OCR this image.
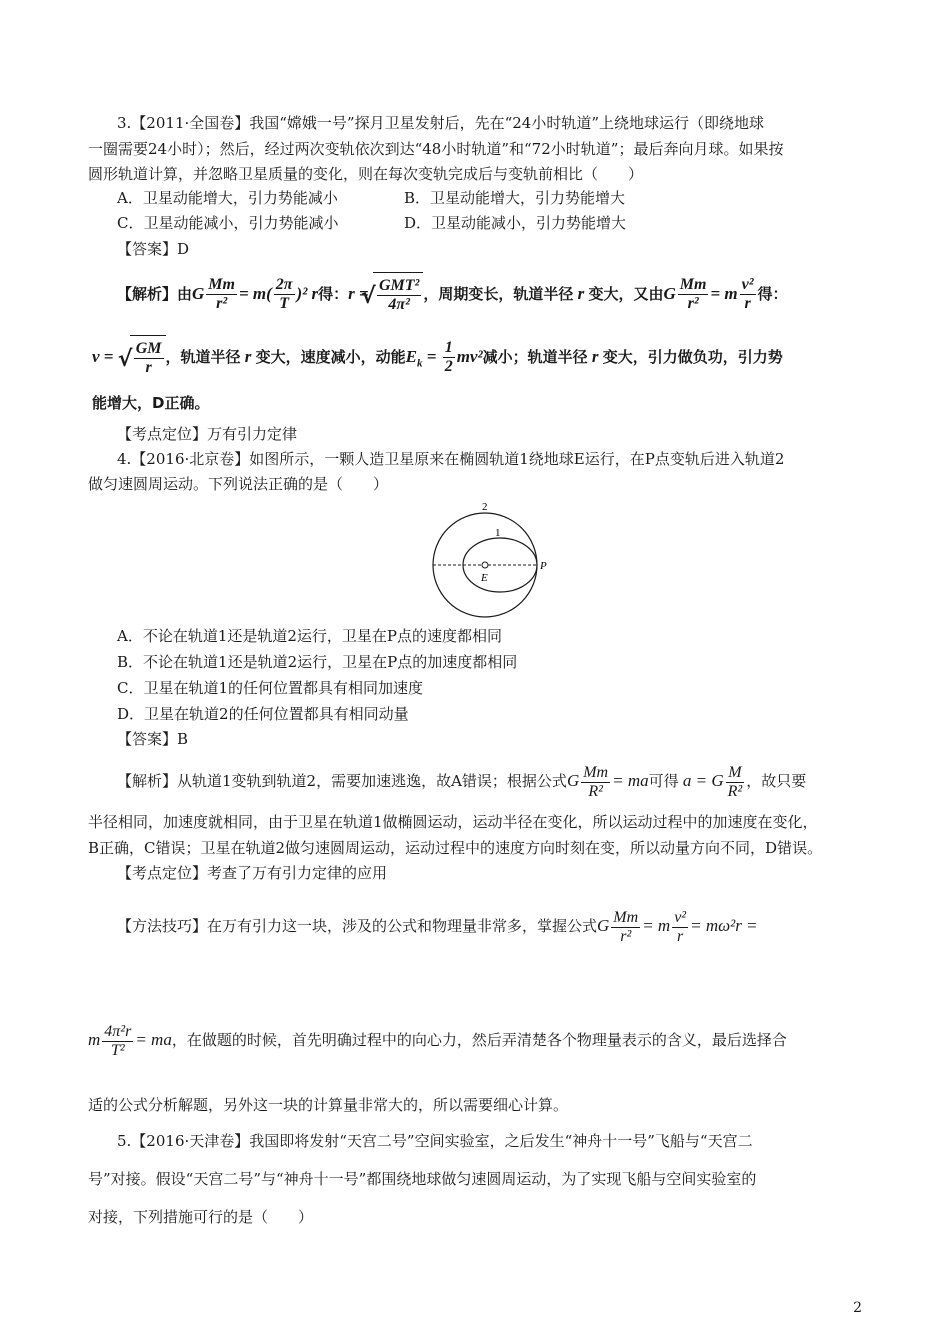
3.【2011·全国卷】我国“嫦娥一号”探月卫星发射后，先在“24小时轨道”上绕地球运行（即绕地球
一圈需要24小时）；然后，经过两次变轨依次到达“48小时轨道”和“72小时轨道”；最后奔向月球。如果按
圆形轨道计算，并忽略卫星质量的变化，则在每次变轨完成后与变轨前相比（　　）
A．卫星动能增大，引力势能减小	B．卫星动能增大，引力势能增大
C．卫星动能减小，引力势能减小	D．卫星动能减小，引力势能增大
【答案】D
【解析】由G $\frac{Mm}{\text{r²}} = m( \frac{2\pi}{T} )^2$ r得：r = √ $\frac{\text{GMT²}}{\text{4π²}}$ ，周期变长，轨道半径 r 变大，又由G $\frac{Mm}{\text{r²}} = m \frac{\text{v²}}{r}$ 得：
v = √ $\frac{GM}{r}$ ，轨道半径 r 变大，速度减小，动能$E_k = \frac{1}{2} mv^2$减小；轨道半径 r 变大，引力做负功，引力势
能增大，D正确。
【考点定位】万有引力定律
4.【2016·北京卷】如图所示，一颗人造卫星原来在椭圆轨道1绕地球E运行，在P点变轨后进入轨道2
做匀速圆周运动。下列说法正确的是（　　）
2
1
E
P
A．不论在轨道1还是轨道2运行，卫星在P点的速度都相同
B．不论在轨道1还是轨道2运行，卫星在P点的加速度都相同
C．卫星在轨道1的任何位置都具有相同加速度
D．卫星在轨道2的任何位置都具有相同动量
【答案】B
【解析】从轨道1变轨到轨道2，需要加速逃逸，故A错误；根据公式G $\frac{Mm}{\text{R²}}$ = ma可得 a = G $\frac{M}{\text{R²}}$ ，故只要
半径相同，加速度就相同，由于卫星在轨道1做椭圆运动，运动半径在变化，所以运动过程中的加速度在变化，
B正确，C错误；卫星在轨道2做匀速圆周运动，运动过程中的速度方向时刻在变，所以动量方向不同，D错误。
【考点定位】考查了万有引力定律的应用
【方法技巧】在万有引力这一块，涉及的公式和物理量非常多，掌握公式G $\frac{Mm}{\text{r²}} = m \frac{\text{v²}}{r} = m\omega^2r$ =
m $\frac{\text{4π²r}}{\text{T²}}$ = ma，在做题的时候，首先明确过程中的向心力，然后弄清楚各个物理量表示的含义，最后选择合
适的公式分析解题，另外这一块的计算量非常大的，所以需要细心计算。
5.【2016·天津卷】我国即将发射“天宫二号”空间实验室，之后发生“神舟十一号”飞船与“天宫二
号”对接。假设“天宫二号”与“神舟十一号”都围绕地球做匀速圆周运动，为了实现飞船与空间实验室的
对接，下列措施可行的是（　　）
2
